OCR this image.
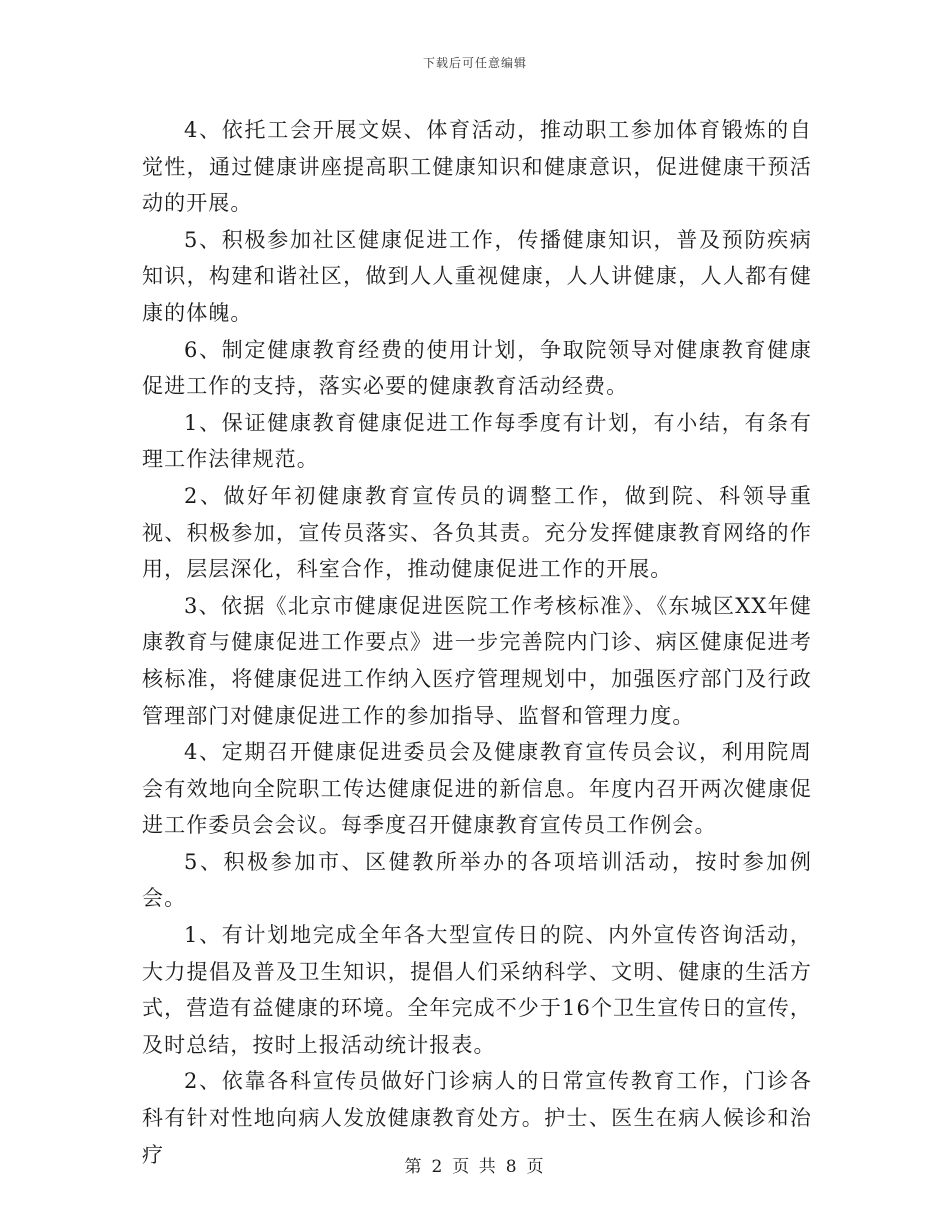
下载后可任意编辑

4、依托工会开展文娱、体育活动，推动职工参加体育锻炼的自觉性，通过健康讲座提高职工健康知识和健康意识，促进健康干预活动的开展。

5、积极参加社区健康促进工作，传播健康知识，普及预防疾病知识，构建和谐社区，做到人人重视健康，人人讲健康，人人都有健康的体魄。

6、制定健康教育经费的使用计划，争取院领导对健康教育健康促进工作的支持，落实必要的健康教育活动经费。

1、保证健康教育健康促进工作每季度有计划，有小结，有条有理工作法律规范。

2、做好年初健康教育宣传员的调整工作，做到院、科领导重视、积极参加，宣传员落实、各负其责。充分发挥健康教育网络的作用，层层深化，科室合作，推动健康促进工作的开展。

3、依据《北京市健康促进医院工作考核标准》、《东城区XX年健康教育与健康促进工作要点》进一步完善院内门诊、病区健康促进考核标准，将健康促进工作纳入医疗管理规划中，加强医疗部门及行政管理部门对健康促进工作的参加指导、监督和管理力度。

4、定期召开健康促进委员会及健康教育宣传员会议，利用院周会有效地向全院职工传达健康促进的新信息。年度内召开两次健康促进工作委员会会议。每季度召开健康教育宣传员工作例会。

5、积极参加市、区健教所举办的各项培训活动，按时参加例会。

1、有计划地完成全年各大型宣传日的院、内外宣传咨询活动，大力提倡及普及卫生知识，提倡人们采纳科学、文明、健康的生活方式，营造有益健康的环境。全年完成不少于16个卫生宣传日的宣传，及时总结，按时上报活动统计报表。

2、依靠各科宣传员做好门诊病人的日常宣传教育工作，门诊各科有针对性地向病人发放健康教育处方。护士、医生在病人候诊和治疗

第 2 页 共 8 页
